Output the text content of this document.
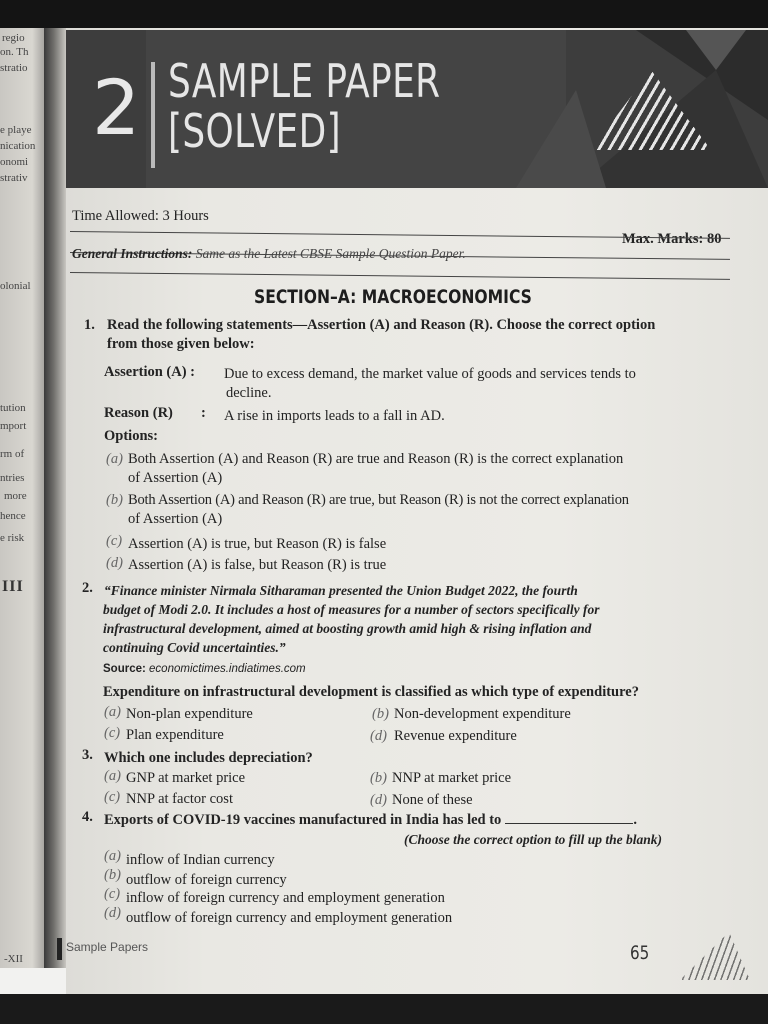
regio
on. Th
stratio
e playe
nication
onomi
strativ
olonial
tution
mport
rm of
ntries
more
hence
e risk
III
-XII
2 SAMPLE PAPER
[SOLVED]
Time Allowed: 3 Hours
Max. Marks: 80
General Instructions: Same as the Latest CBSE Sample Question Paper.
SECTION–A: MACROECONOMICS
1. Read the following statements—Assertion (A) and Reason (R). Choose the correct option
from those given below:
Assertion (A) : Due to excess demand, the market value of goods and services tends to
decline.
Reason (R) : A rise in imports leads to a fall in AD.
Options:
(a) Both Assertion (A) and Reason (R) are true and Reason (R) is the correct explanation
of Assertion (A)
(b) Both Assertion (A) and Reason (R) are true, but Reason (R) is not the correct explanation
of Assertion (A)
(c) Assertion (A) is true, but Reason (R) is false
(d) Assertion (A) is false, but Reason (R) is true
2. “Finance minister Nirmala Sitharaman presented the Union Budget 2022, the fourth
budget of Modi 2.0. It includes a host of measures for a number of sectors specifically for
infrastructural development, aimed at boosting growth amid high & rising inflation and
continuing Covid uncertainties.”
Source: economictimes.indiatimes.com
Expenditure on infrastructural development is classified as which type of expenditure?
(a) Non-plan expenditure	(b) Non-development expenditure
(c) Plan expenditure	(d) Revenue expenditure
3. Which one includes depreciation?
(a) GNP at market price	(b) NNP at market price
(c) NNP at factor cost	(d) None of these
4. Exports of COVID-19 vaccines manufactured in India has led to	.
(Choose the correct option to fill up the blank)
(a) inflow of Indian currency
(b) outflow of foreign currency
(c) inflow of foreign currency and employment generation
(d) outflow of foreign currency and employment generation
Sample Papers	65
